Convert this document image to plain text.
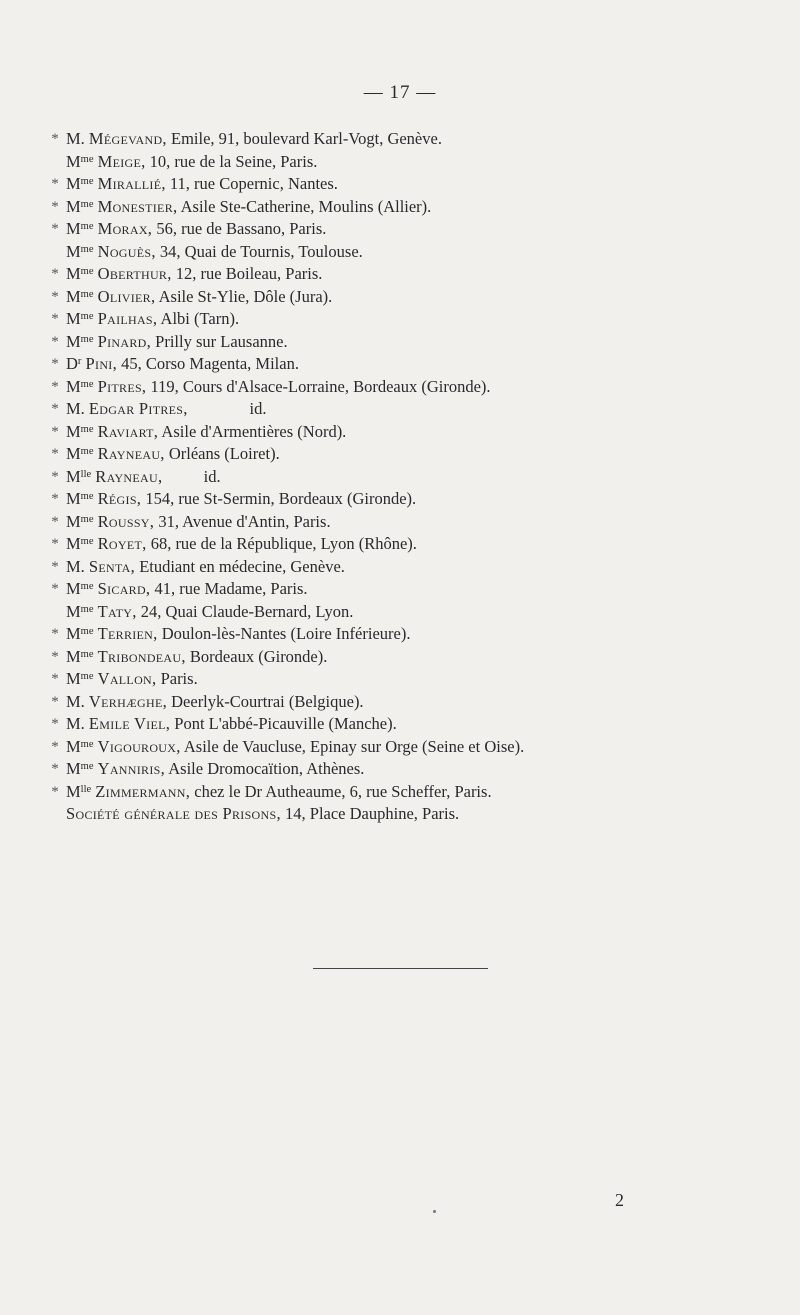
— 17 —
* M. Mégevand, Emile, 91, boulevard Karl-Vogt, Genève.
$M^{me}$ Meige, 10, rue de la Seine, Paris.
* $M^{me}$ Mirallié, 11, rue Copernic, Nantes.
* $M^{me}$ Monestier, Asile Ste-Catherine, Moulins (Allier).
* $M^{me}$ Morax, 56, rue de Bassano, Paris.
$M^{me}$ Noguès, 34, Quai de Tournis, Toulouse.
* $M^{me}$ Oberthur, 12, rue Boileau, Paris.
* $M^{me}$ Olivier, Asile St-Ylie, Dôle (Jura).
* $M^{me}$ Pailhas, Albi (Tarn).
* $M^{me}$ Pinard, Prilly sur Lausanne.
* $D^r$ Pini, 45, Corso Magenta, Milan.
* $M^{me}$ Pitres, 119, Cours d'Alsace-Lorraine, Bordeaux (Gironde).
* M. Edgar Pitres,               id.
* $M^{me}$ Raviart, Asile d'Armentières (Nord).
* $M^{me}$ Rayneau, Orléans (Loiret).
* $M^{lle}$ Rayneau,          id.
* $M^{me}$ Régis, 154, rue St-Sermin, Bordeaux (Gironde).
* $M^{me}$ Roussy, 31, Avenue d'Antin, Paris.
* $M^{me}$ Royet, 68, rue de la République, Lyon (Rhône).
* M. Senta, Etudiant en médecine, Genève.
* $M^{me}$ Sicard, 41, rue Madame, Paris.
$M^{me}$ Taty, 24, Quai Claude-Bernard, Lyon.
* $M^{me}$ Terrien, Doulon-lès-Nantes (Loire Inférieure).
* $M^{me}$ Tribondeau, Bordeaux (Gironde).
* $M^{me}$ Vallon, Paris.
* M. Verhæghe, Deerlyk-Courtrai (Belgique).
* M. Emile Viel, Pont L'abbé-Picauville (Manche).
* $M^{me}$ Vigouroux, Asile de Vaucluse, Epinay sur Orge (Seine et Oise).
* $M^{me}$ Yanniris, Asile Dromocaïtion, Athènes.
* $M^{lle}$ Zimmermann, chez le Dr Autheaume, 6, rue Scheffer, Paris.
Société générale des Prisons, 14, Place Dauphine, Paris.
2
